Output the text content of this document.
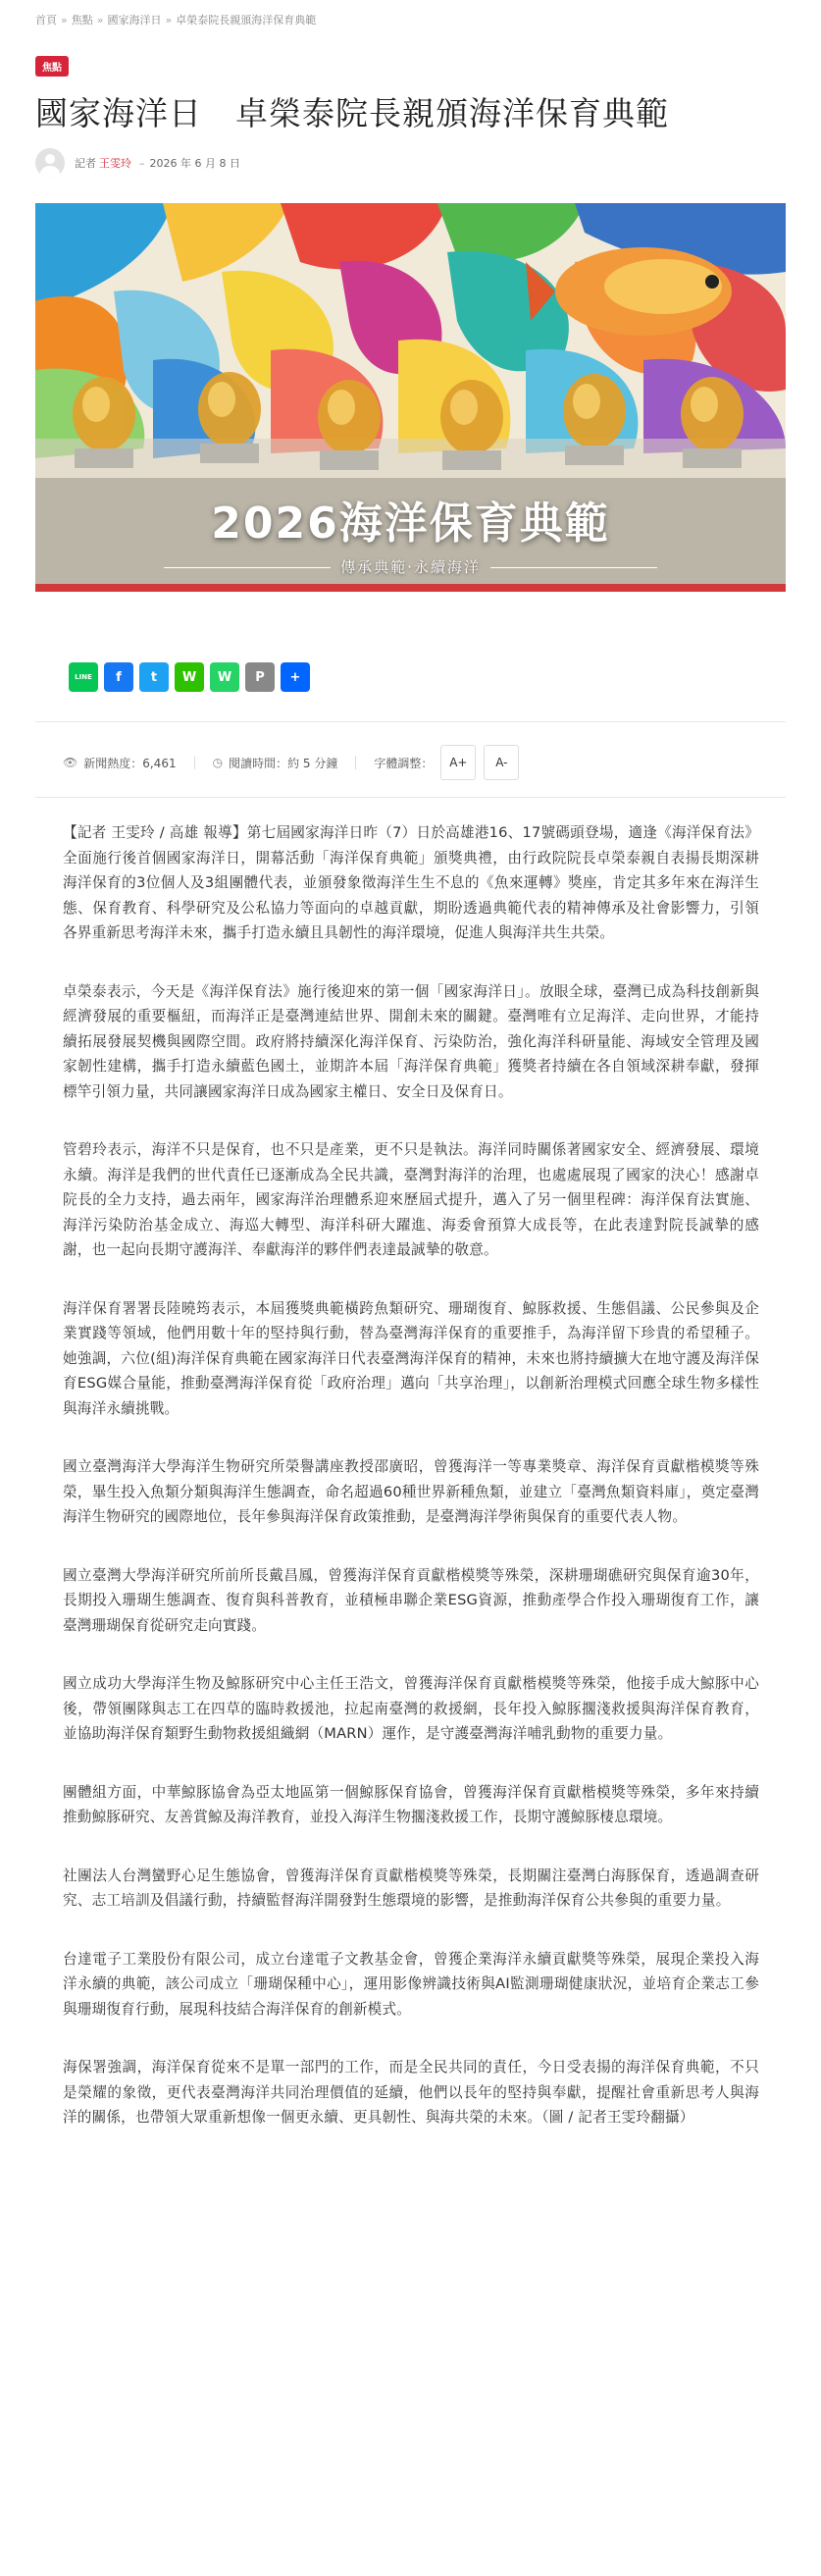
首頁 » 焦點 » 國家海洋日 » 卓榮泰院長親頒海洋保育典範
焦點
國家海洋日　卓榮泰院長親頒海洋保育典範
記者 王雯玲 – 2026 年 6 月 8 日
2026海洋保育典範
傳承典範·永續海洋
LINE f t W W P +
👁 新聞熱度：6,461	◷ 閱讀時間：約 5 分鐘	字體調整：	A+	A-

【記者 王雯玲 / 高雄 報導】第七屆國家海洋日昨（7）日於高雄港16、17號碼頭登場，適逢《海洋保育法》全面施行後首個國家海洋日，開幕活動「海洋保育典範」頒獎典禮，由行政院院長卓榮泰親自表揚長期深耕海洋保育的3位個人及3組團體代表，並頒發象徵海洋生生不息的《魚來運轉》獎座，肯定其多年來在海洋生態、保育教育、科學研究及公私協力等面向的卓越貢獻，期盼透過典範代表的精神傳承及社會影響力，引領各界重新思考海洋未來，攜手打造永續且具韌性的海洋環境，促進人與海洋共生共榮。

卓榮泰表示，今天是《海洋保育法》施行後迎來的第一個「國家海洋日」。放眼全球，臺灣已成為科技創新與經濟發展的重要樞紐，而海洋正是臺灣連結世界、開創未來的關鍵。臺灣唯有立足海洋、走向世界，才能持續拓展發展契機與國際空間。政府將持續深化海洋保育、污染防治，強化海洋科研量能、海域安全管理及國家韌性建構，攜手打造永續藍色國土，並期許本屆「海洋保育典範」獲獎者持續在各自領域深耕奉獻，發揮標竿引領力量，共同讓國家海洋日成為國家主權日、安全日及保育日。

管碧玲表示，海洋不只是保育，也不只是產業，更不只是執法。海洋同時關係著國家安全、經濟發展、環境永續。海洋是我們的世代責任已逐漸成為全民共識，臺灣對海洋的治理，也處處展現了國家的決心！感謝卓院長的全力支持，過去兩年，國家海洋治理體系迎來歷屆式提升，邁入了另一個里程碑：海洋保育法實施、海洋污染防治基金成立、海巡大轉型、海洋科研大躍進、海委會預算大成長等，在此表達對院長誠摯的感謝，也一起向長期守護海洋、奉獻海洋的夥伴們表達最誠摯的敬意。

海洋保育署署長陸曉筠表示，本屆獲獎典範橫跨魚類研究、珊瑚復育、鯨豚救援、生態倡議、公民參與及企業實踐等領域，他們用數十年的堅持與行動，替為臺灣海洋保育的重要推手，為海洋留下珍貴的希望種子。她強調，六位(組)海洋保育典範在國家海洋日代表臺灣海洋保育的精神，未來也將持續擴大在地守護及海洋保育ESG媒合量能，推動臺灣海洋保育從「政府治理」邁向「共享治理」，以創新治理模式回應全球生物多樣性與海洋永續挑戰。

國立臺灣海洋大學海洋生物研究所榮譽講座教授邵廣昭，曾獲海洋一等專業獎章、海洋保育貢獻楷模獎等殊榮，畢生投入魚類分類與海洋生態調查，命名超過60種世界新種魚類，並建立「臺灣魚類資料庫」，奠定臺灣海洋生物研究的國際地位，長年參與海洋保育政策推動，是臺灣海洋學術與保育的重要代表人物。

國立臺灣大學海洋研究所前所長戴昌鳳，曾獲海洋保育貢獻楷模獎等殊榮，深耕珊瑚礁研究與保育逾30年，長期投入珊瑚生態調查、復育與科普教育，並積極串聯企業ESG資源，推動產學合作投入珊瑚復育工作，讓臺灣珊瑚保育從研究走向實踐。

國立成功大學海洋生物及鯨豚研究中心主任王浩文，曾獲海洋保育貢獻楷模獎等殊榮，他接手成大鯨豚中心後，帶領團隊與志工在四草的臨時救援池，拉起南臺灣的救援網，長年投入鯨豚擱淺救援與海洋保育教育，並協助海洋保育類野生動物救援組織網（MARN）運作，是守護臺灣海洋哺乳動物的重要力量。

團體組方面，中華鯨豚協會為亞太地區第一個鯨豚保育協會，曾獲海洋保育貢獻楷模獎等殊榮，多年來持續推動鯨豚研究、友善賞鯨及海洋教育，並投入海洋生物擱淺救援工作，長期守護鯨豚棲息環境。

社團法人台灣蠻野心足生態協會，曾獲海洋保育貢獻楷模獎等殊榮，長期關注臺灣白海豚保育，透過調查研究、志工培訓及倡議行動，持續監督海洋開發對生態環境的影響，是推動海洋保育公共參與的重要力量。

台達電子工業股份有限公司，成立台達電子文教基金會，曾獲企業海洋永續貢獻獎等殊榮，展現企業投入海洋永續的典範，該公司成立「珊瑚保種中心」，運用影像辨識技術與AI監測珊瑚健康狀況，並培育企業志工參與珊瑚復育行動，展現科技結合海洋保育的創新模式。

海保署強調，海洋保育從來不是單一部門的工作，而是全民共同的責任，今日受表揚的海洋保育典範，不只是榮耀的象徵，更代表臺灣海洋共同治理價值的延續，他們以長年的堅持與奉獻，提醒社會重新思考人與海洋的關係，也帶領大眾重新想像一個更永續、更具韌性、與海共榮的未來。（圖 / 記者王雯玲翻攝）
